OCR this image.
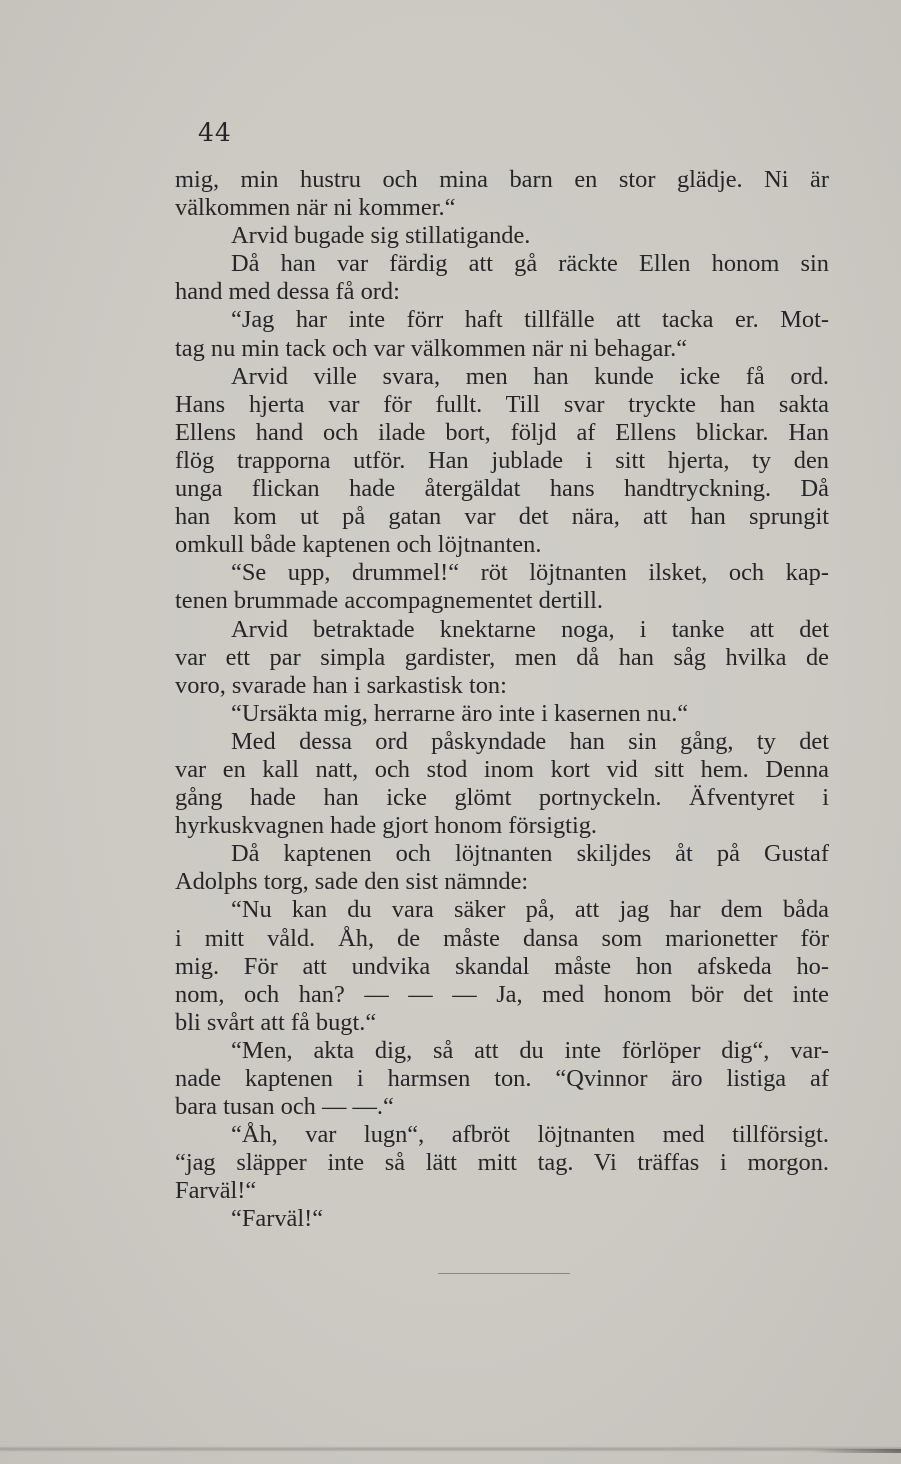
44
mig, min hustru och mina barn en stor glädje. Ni är
välkommen när ni kommer.“
Arvid bugade sig stillatigande.
Då han var färdig att gå räckte Ellen honom sin
hand med dessa få ord:
“Jag har inte förr haft tillfälle att tacka er. Mot-
tag nu min tack och var välkommen när ni behagar.“
Arvid ville svara, men han kunde icke få ord.
Hans hjerta var för fullt. Till svar tryckte han sakta
Ellens hand och ilade bort, följd af Ellens blickar. Han
flög trapporna utför. Han jublade i sitt hjerta, ty den
unga flickan hade återgäldat hans handtryckning. Då
han kom ut på gatan var det nära, att han sprungit
omkull både kaptenen och löjtnanten.
“Se upp, drummel!“ röt löjtnanten ilsket, och kap-
tenen brummade accompagnementet dertill.
Arvid betraktade knektarne noga, i tanke att det
var ett par simpla gardister, men då han såg hvilka de
voro, svarade han i sarkastisk ton:
“Ursäkta mig, herrarne äro inte i kasernen nu.“
Med dessa ord påskyndade han sin gång, ty det
var en kall natt, och stod inom kort vid sitt hem. Denna
gång hade han icke glömt portnyckeln. Äfventyret i
hyrkuskvagnen hade gjort honom försigtig.
Då kaptenen och löjtnanten skiljdes åt på Gustaf
Adolphs torg, sade den sist nämnde:
“Nu kan du vara säker på, att jag har dem båda
i mitt våld. Åh, de måste dansa som marionetter för
mig. För att undvika skandal måste hon afskeda ho-
nom, och han? — — — Ja, med honom bör det inte
bli svårt att få bugt.“
“Men, akta dig, så att du inte förlöper dig“, var-
nade kaptenen i harmsen ton. “Qvinnor äro listiga af
bara tusan och — —.“
“Åh, var lugn“, afbröt löjtnanten med tillförsigt.
“jag släpper inte så lätt mitt tag. Vi träffas i morgon.
Farväl!“
“Farväl!“
